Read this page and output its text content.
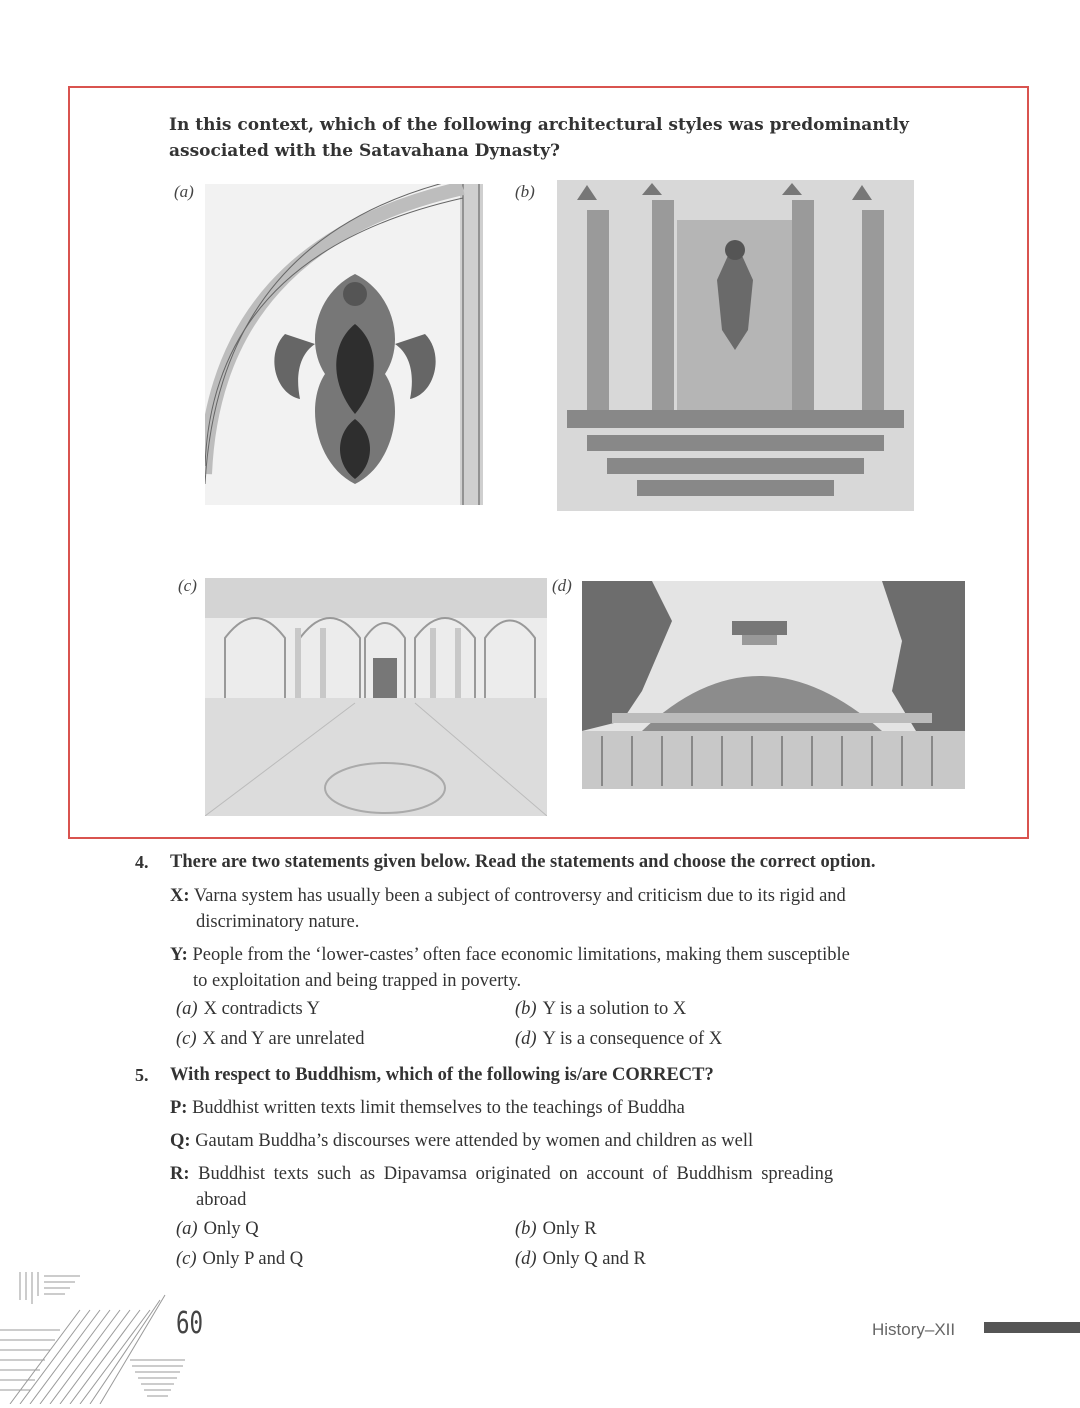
In this context, which of the following architectural styles was predominantly associated with the Satavahana Dynasty?
(a)	(b)
(c)	(d)
4. There are two statements given below. Read the statements and choose the correct option.
X: Varna system has usually been a subject of controversy and criticism due to its rigid and
discriminatory nature.
Y: People from the ‘lower-castes’ often face economic limitations, making them susceptible
to exploitation and being trapped in poverty.
(a) X contradicts Y	(b) Y is a solution to X
(c) X and Y are unrelated	(d) Y is a consequence of X
5. With respect to Buddhism, which of the following is/are CORRECT?
P: Buddhist written texts limit themselves to the teachings of Buddha
Q: Gautam Buddha’s discourses were attended by women and children as well
R: Buddhist texts such as Dipavamsa originated on account of Buddhism spreading
abroad
(a) Only Q	(b) Only R
(c) Only P and Q	(d) Only Q and R
60	History–XII
